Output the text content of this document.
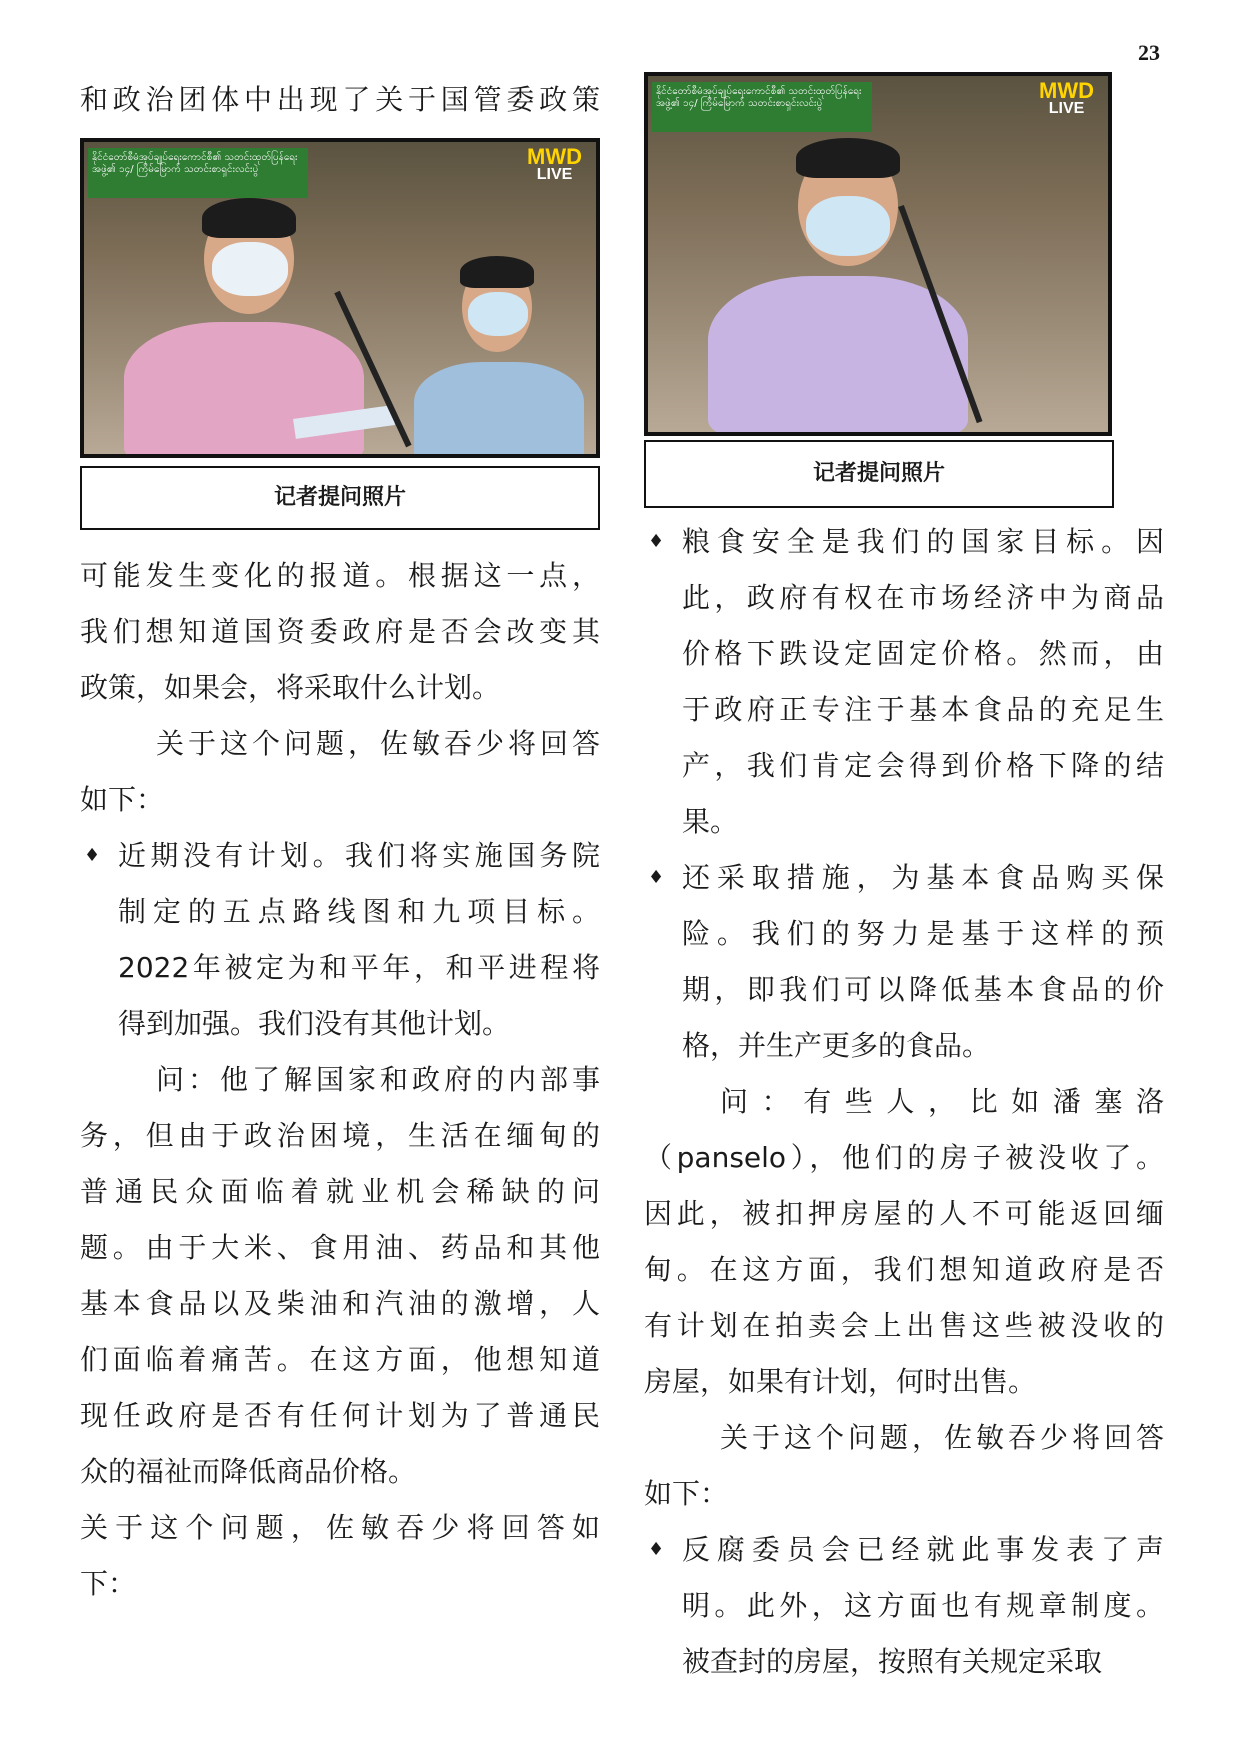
23
和政治团体中出现了关于国管委政策
နိုင်ငံတော်စီမံအုပ်ချုပ်ရေးကောင်စီ၏ သတင်းထုတ်ပြန်ရေးအဖွဲ့၏ ၁၄/ ကြိမ်မြောက် သတင်းစာရှင်းလင်းပွဲ
MWD
LIVE
记者提问照片
可能发生变化的报道。根据这一点，
我们想知道国资委政府是否会改变其
政策，如果会，将采取什么计划。
关于这个问题，佐敏吞少将回答
如下：
♦ 近期没有计划。我们将实施国务院
制定的五点路线图和九项目标。
2022年被定为和平年，和平进程将
得到加强。我们没有其他计划。
问：他了解国家和政府的内部事
务，但由于政治困境，生活在缅甸的
普通民众面临着就业机会稀缺的问
题。由于大米、食用油、药品和其他
基本食品以及柴油和汽油的激增，人
们面临着痛苦。在这方面，他想知道
现任政府是否有任何计划为了普通民
众的福祉而降低商品价格。
关于这个问题，佐敏吞少将回答如
下：
နိုင်ငံတော်စီမံအုပ်ချုပ်ရေးကောင်စီ၏ သတင်းထုတ်ပြန်ရေးအဖွဲ့၏ ၁၄/ ကြိမ်မြောက် သတင်းစာရှင်းလင်းပွဲ
MWD
LIVE
记者提问照片
♦ 粮食安全是我们的国家目标。因
此，政府有权在市场经济中为商品
价格下跌设定固定价格。然而，由
于政府正专注于基本食品的充足生
产，我们肯定会得到价格下降的结
果。
♦ 还采取措施，为基本食品购买保
险。我们的努力是基于这样的预
期，即我们可以降低基本食品的价
格，并生产更多的食品。
问：有些人，比如潘塞洛
（panselo），他们的房子被没收了。
因此，被扣押房屋的人不可能返回缅
甸。在这方面，我们想知道政府是否
有计划在拍卖会上出售这些被没收的
房屋，如果有计划，何时出售。
关于这个问题，佐敏吞少将回答
如下：
♦ 反腐委员会已经就此事发表了声
明。此外，这方面也有规章制度。
被查封的房屋，按照有关规定采取
